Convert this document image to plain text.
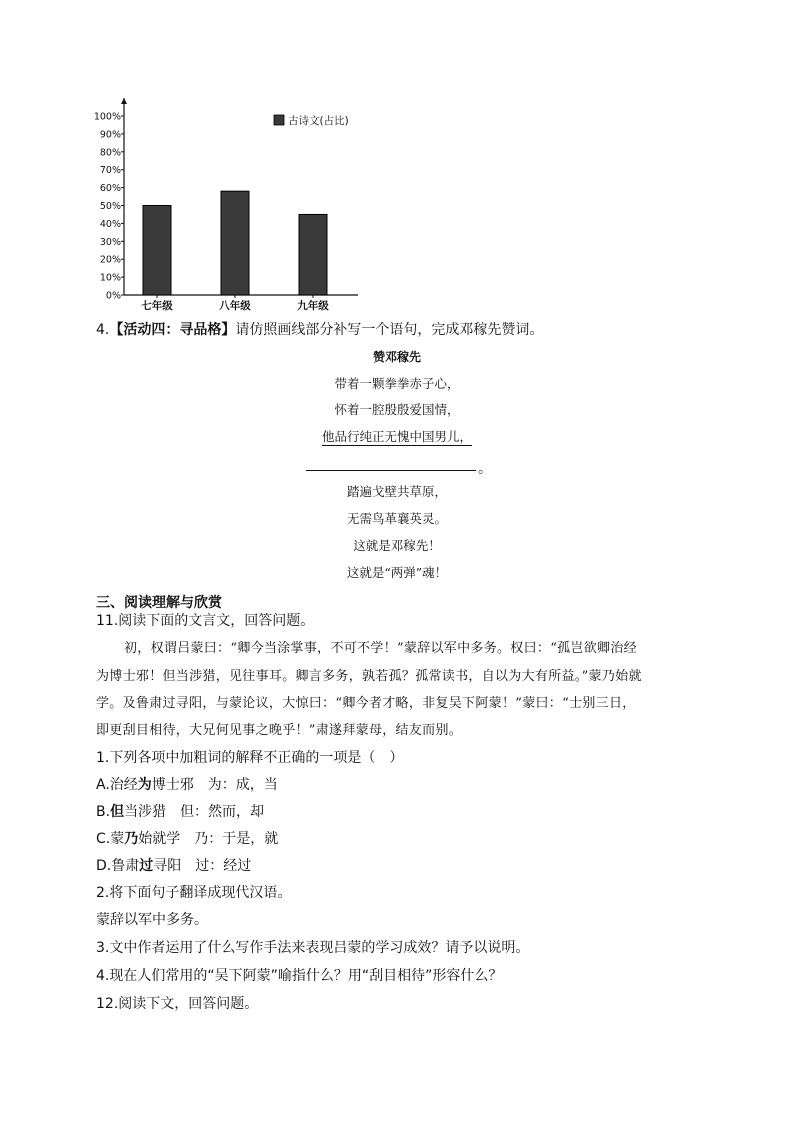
0%
10%
20%
30%
40%
50%
60%
70%
80%
90%
100%
七年级	八年级	九年级
古诗文(占比)
4.【活动四：寻品格】请仿照画线部分补写一个语句，完成邓稼先赞词。
赞邓稼先
带着一颗拳拳赤子心，
怀着一腔殷殷爱国情，
他品行纯正无愧中国男儿，
。
踏遍戈壁共草原，
无需鸟革襄英灵。
这就是邓稼先！
这就是“两弹”魂！
三、阅读理解与欣赏
11.阅读下面的文言文，回答问题。
初，权谓吕蒙曰：“卿今当涂掌事，不可不学！”蒙辞以军中多务。权曰：“孤岂欲卿治经
为博士邪！但当涉猎，见往事耳。卿言多务，孰若孤？孤常读书，自以为大有所益。”蒙乃始就
学。及鲁肃过寻阳，与蒙论议，大惊曰：“卿今者才略，非复吴下阿蒙！”蒙曰：“士别三日，
即更刮目相待，大兄何见事之晚乎！”肃遂拜蒙母，结友而别。
1.下列各项中加粗词的解释不正确的一项是（　）
A.治经为博士邪　为：成，当
B.但当涉猎　但：然而，却
C.蒙乃始就学　乃：于是，就
D.鲁肃过寻阳　过：经过
2.将下面句子翻译成现代汉语。
蒙辞以军中多务。
3.文中作者运用了什么写作手法来表现吕蒙的学习成效？请予以说明。
4.现在人们常用的“吴下阿蒙”喻指什么？用“刮目相待”形容什么？
12.阅读下文，回答问题。
